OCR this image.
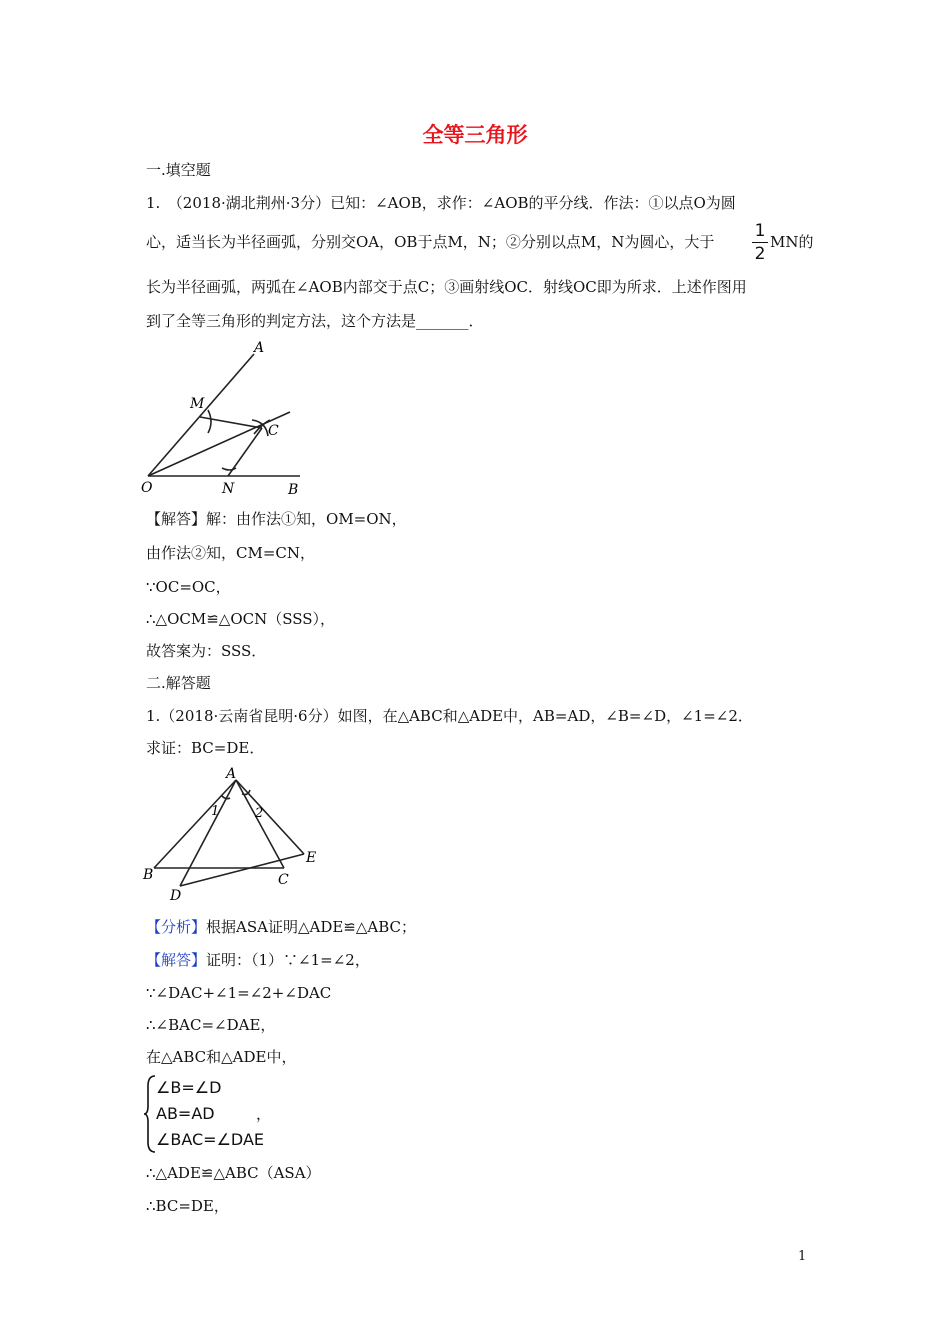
全等三角形
一.填空题
1.　（2018·湖北荆州·3分）已知：∠AOB，求作：∠AOB的平分线．作法：①以点O为圆
心，适当长为半径画弧，分别交OA，OB于点M，N；②分别以点M，N为圆心，大于
1
2
MN的
长为半径画弧，两弧在∠AOB内部交于点C；③画射线OC．射线OC即为所求．上述作图用
到了全等三角形的判定方法，这个方法是_______．
A
M
C
O	N	B
【解答】解：由作法①知，OM=ON，
由作法②知，CM=CN，
∵OC=OC，
∴△OCM≌△OCN（SSS），
故答案为：SSS．
二.解答题
1.（2018·云南省昆明·6分）如图，在△ABC和△ADE中，AB=AD，∠B=∠D，∠1=∠2．
求证：BC=DE．
A
1	2
B	C
D
E
【分析】根据ASA证明△ADE≌△ABC；
【解答】证明：（1）∵∠1=∠2，
∵∠DAC+∠1=∠2+∠DAC
∴∠BAC=∠DAE，
在△ABC和△ADE中，
∠B=∠D
AB=AD	，
∠BAC=∠DAE
∴△ADE≌△ABC（ASA）
∴BC=DE，
1
